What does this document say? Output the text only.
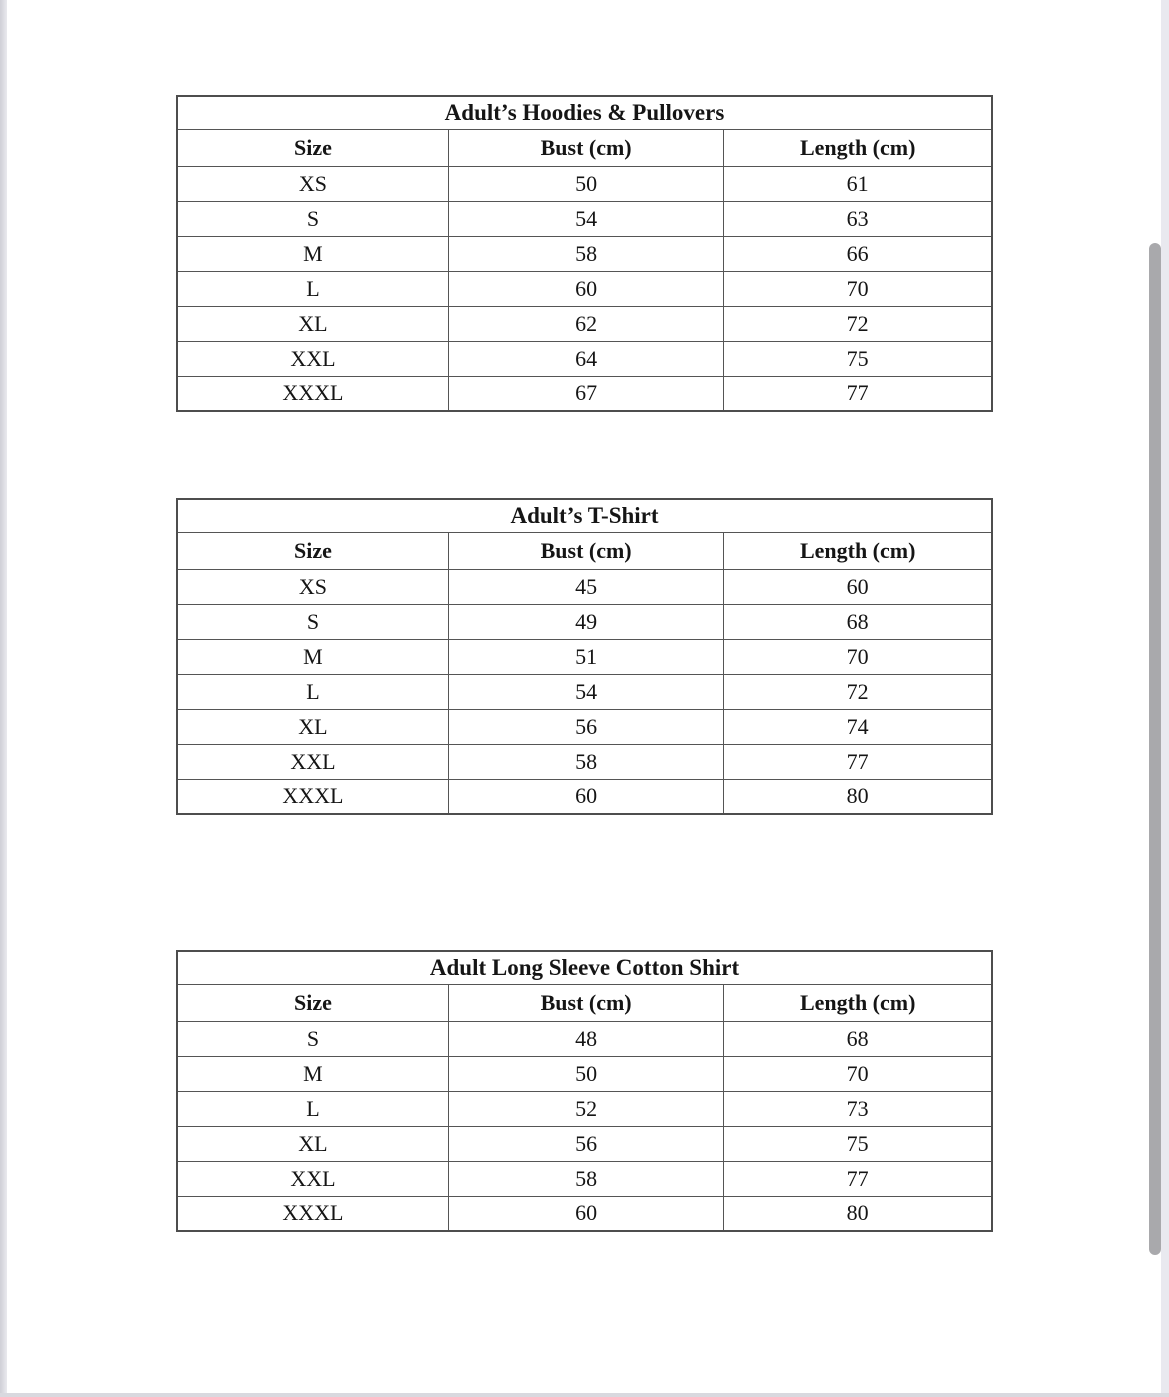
Adult’s Hoodies & Pullovers		
Size	Bust (cm)	Length (cm)
XS	50	61
S	54	63
M	58	66
L	60	70
XL	62	72
XXL	64	75
XXXL	67	77
Adult’s T-Shirt		
Size	Bust (cm)	Length (cm)
XS	45	60
S	49	68
M	51	70
L	54	72
XL	56	74
XXL	58	77
XXXL	60	80
Adult Long Sleeve Cotton Shirt		
Size	Bust (cm)	Length (cm)
S	48	68
M	50	70
L	52	73
XL	56	75
XXL	58	77
XXXL	60	80
